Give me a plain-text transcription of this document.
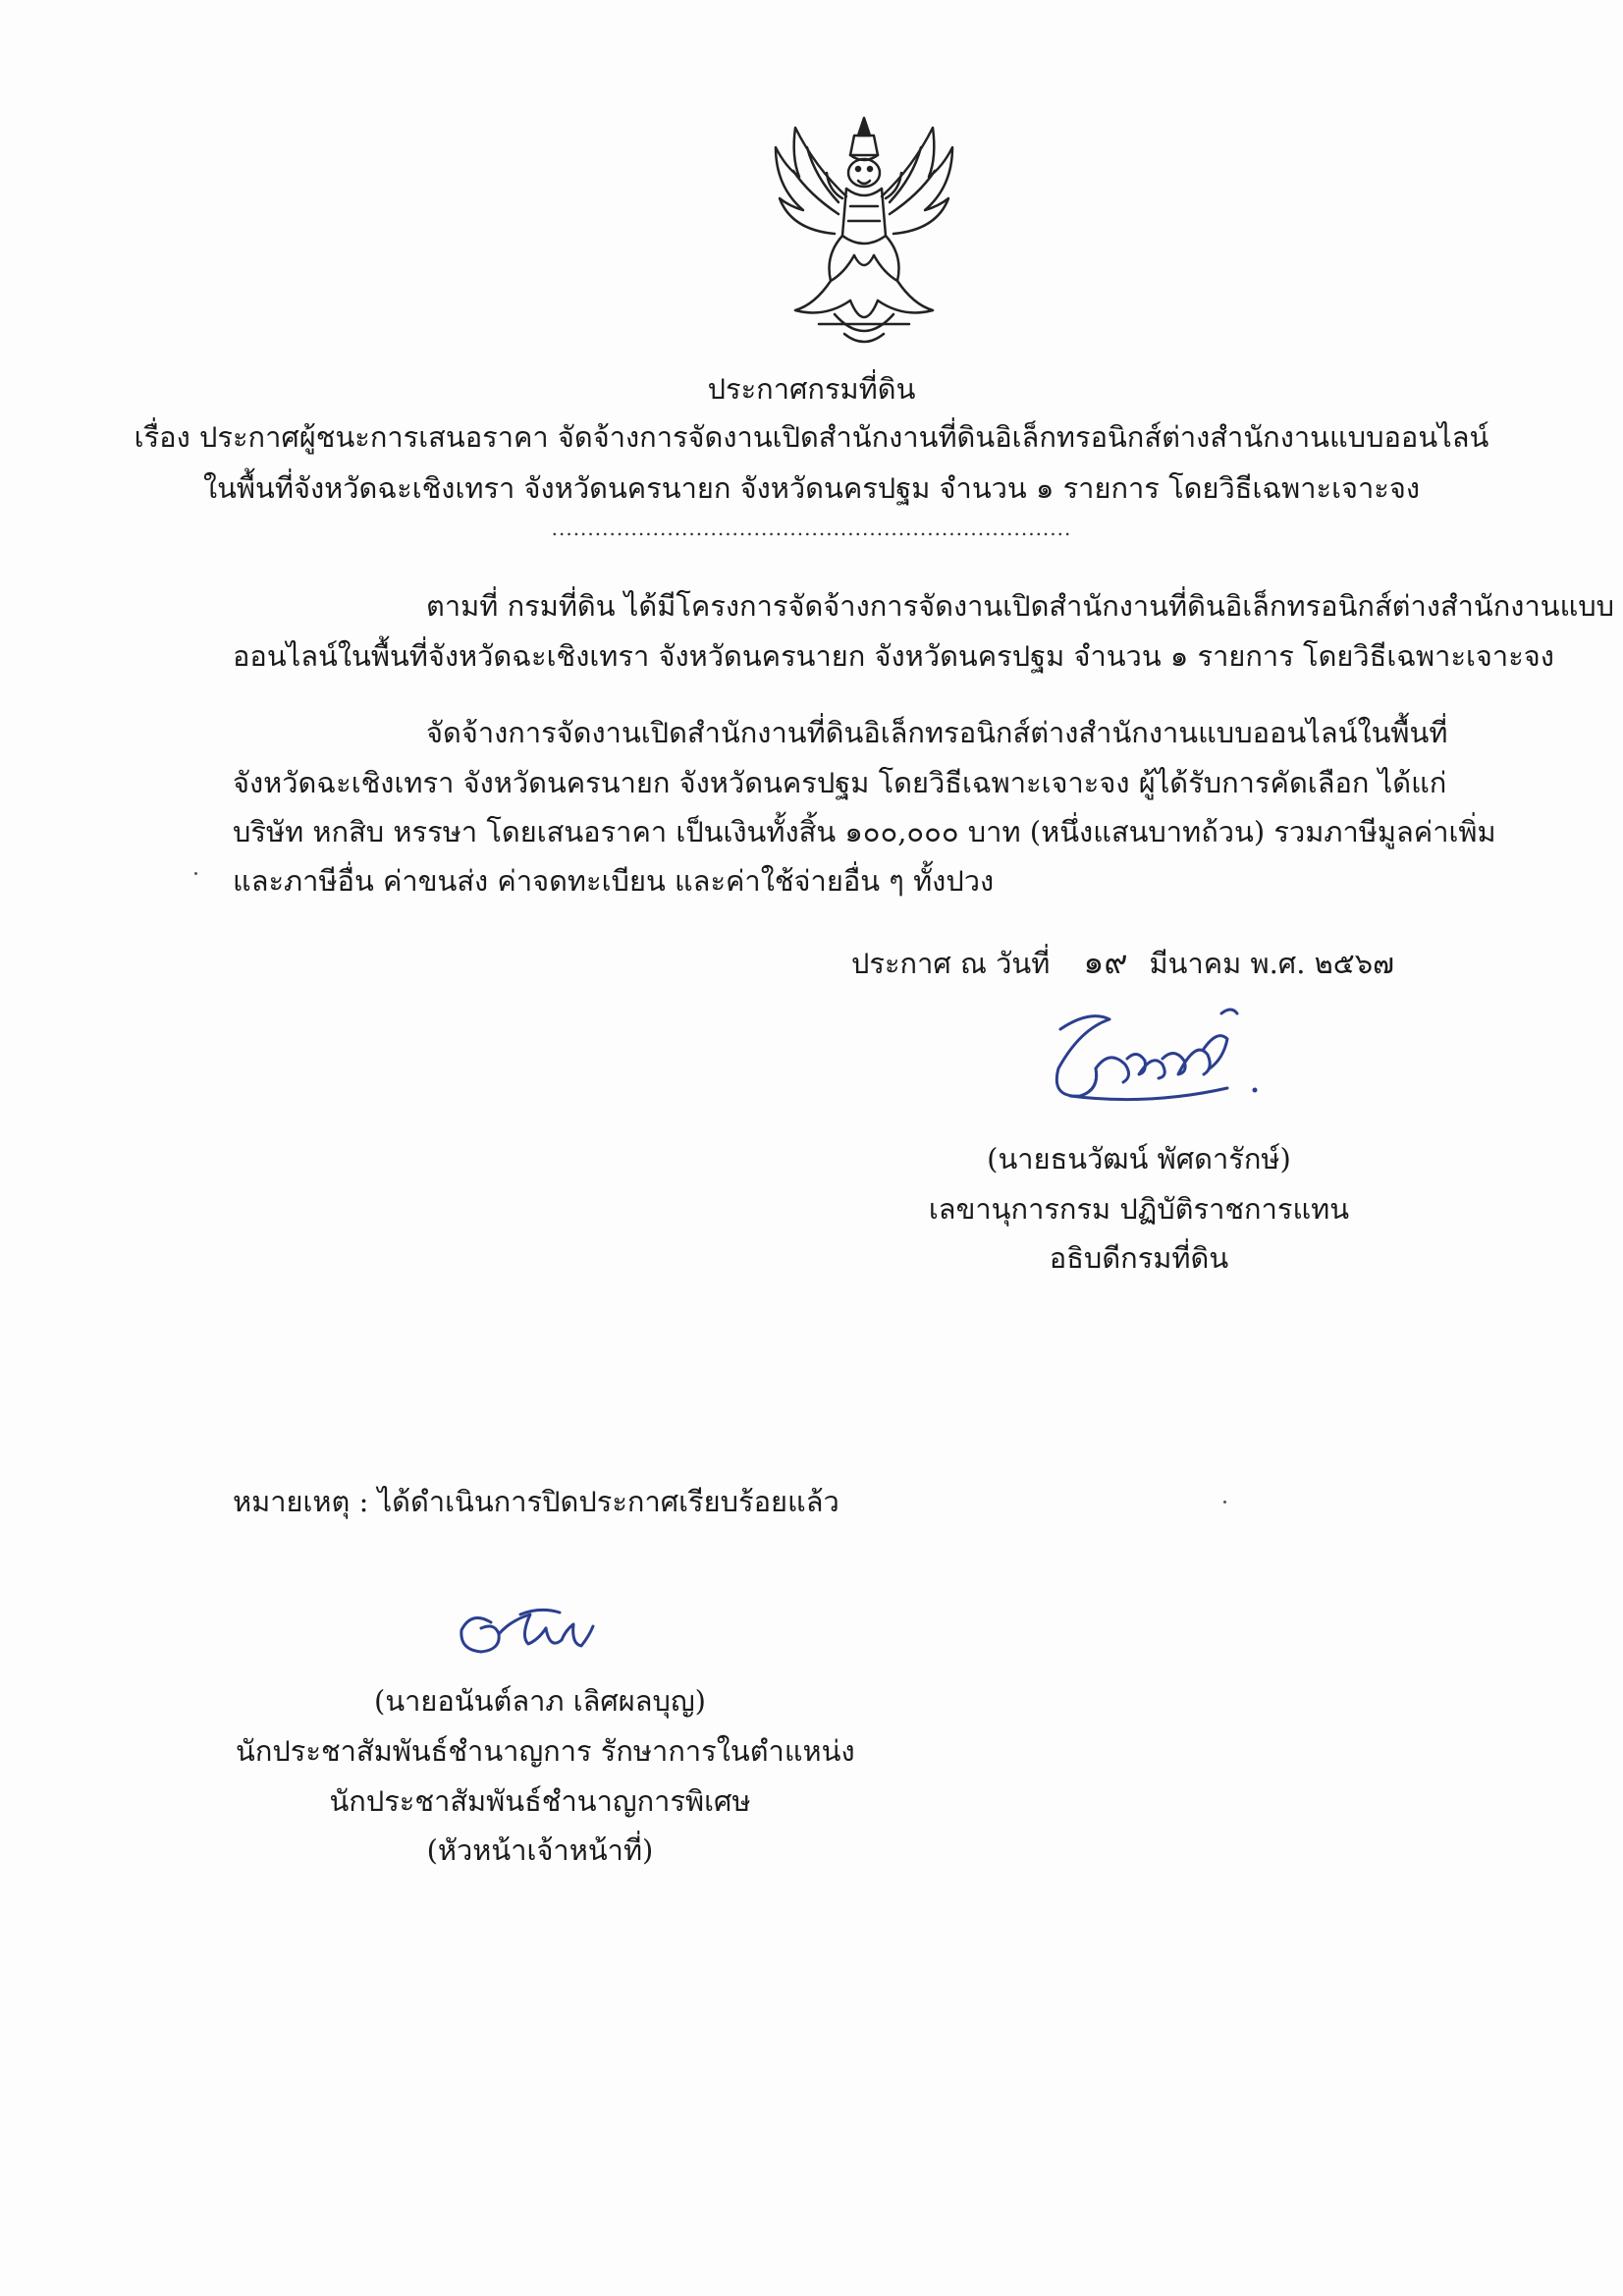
ประกาศกรมที่ดิน
เรื่อง ประกาศผู้ชนะการเสนอราคา จัดจ้างการจัดงานเปิดสำนักงานที่ดินอิเล็กทรอนิกส์ต่างสำนักงานแบบออนไลน์
ในพื้นที่จังหวัดฉะเชิงเทรา จังหวัดนครนายก จังหวัดนครปฐม จำนวน ๑ รายการ โดยวิธีเฉพาะเจาะจง
........................................................................
ตามที่ กรมที่ดิน ได้มีโครงการจัดจ้างการจัดงานเปิดสำนักงานที่ดินอิเล็กทรอนิกส์ต่างสำนักงานแบบ
ออนไลน์ในพื้นที่จังหวัดฉะเชิงเทรา จังหวัดนครนายก จังหวัดนครปฐม จำนวน ๑ รายการ โดยวิธีเฉพาะเจาะจง
จัดจ้างการจัดงานเปิดสำนักงานที่ดินอิเล็กทรอนิกส์ต่างสำนักงานแบบออนไลน์ในพื้นที่
จังหวัดฉะเชิงเทรา จังหวัดนครนายก จังหวัดนครปฐม โดยวิธีเฉพาะเจาะจง ผู้ได้รับการคัดเลือก ได้แก่
บริษัท หกสิบ หรรษา โดยเสนอราคา เป็นเงินทั้งสิ้น ๑๐๐,๐๐๐ บาท (หนึ่งแสนบาทถ้วน) รวมภาษีมูลค่าเพิ่ม
และภาษีอื่น ค่าขนส่ง ค่าจดทะเบียน และค่าใช้จ่ายอื่น ๆ ทั้งปวง
ประกาศ ณ วันที่ ๑๙ มีนาคม พ.ศ. ๒๕๖๗
(นายธนวัฒน์ พัศดารักษ์)
เลขานุการกรม ปฏิบัติราชการแทน
อธิบดีกรมที่ดิน
หมายเหตุ : ได้ดำเนินการปิดประกาศเรียบร้อยแล้ว
(นายอนันต์ลาภ เลิศผลบุญ)
นักประชาสัมพันธ์ชำนาญการ รักษาการในตำแหน่ง
นักประชาสัมพันธ์ชำนาญการพิเศษ
(หัวหน้าเจ้าหน้าที่)
